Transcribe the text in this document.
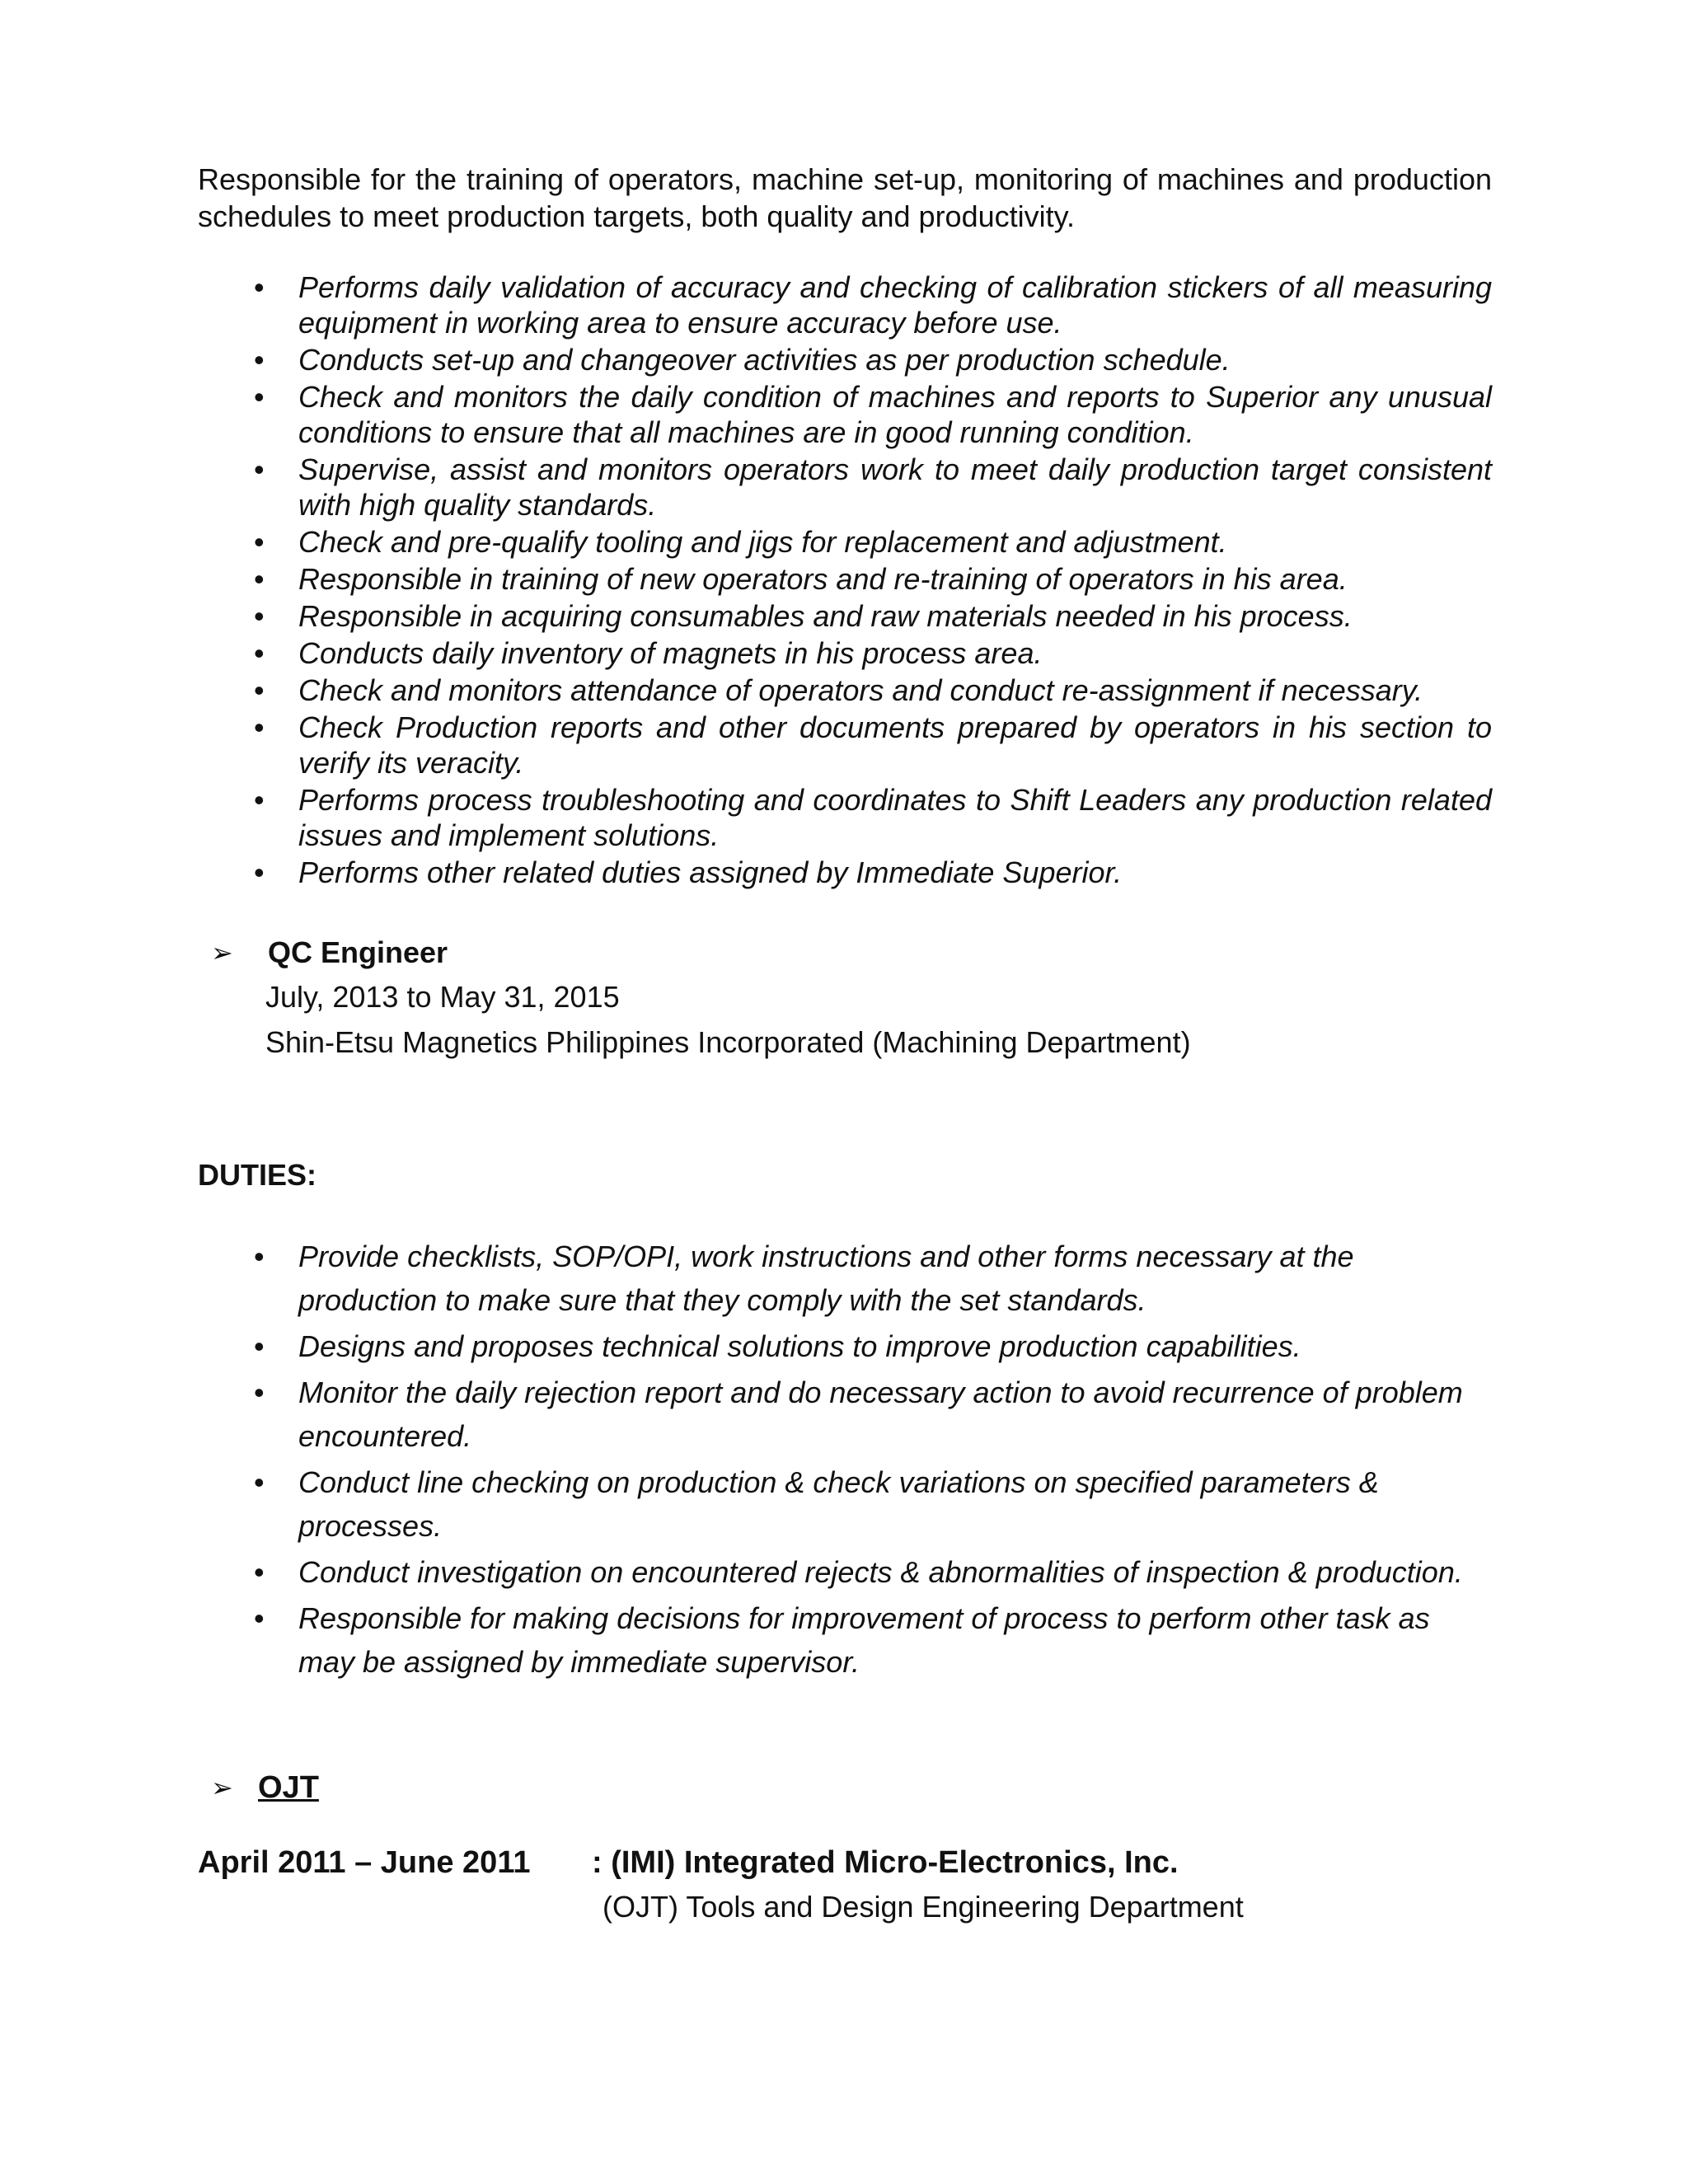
Responsible for the training of operators, machine set-up, monitoring of machines and production schedules to meet production targets, both quality and productivity.

• Performs daily validation of accuracy and checking of calibration stickers of all measuring equipment in working area to ensure accuracy before use.
• Conducts set-up and changeover activities as per production schedule.
• Check and monitors the daily condition of machines and reports to Superior any unusual conditions to ensure that all machines are in good running condition.
• Supervise, assist and monitors operators work to meet daily production target consistent with high quality standards.
• Check and pre-qualify tooling and jigs for replacement and adjustment.
• Responsible in training of new operators and re-training of operators in his area.
• Responsible in acquiring consumables and raw materials needed in his process.
• Conducts daily inventory of magnets in his process area.
• Check and monitors attendance of operators and conduct re-assignment if necessary.
• Check Production reports and other documents prepared by operators in his section to verify its veracity.
• Performs process troubleshooting and coordinates to Shift Leaders any production related issues and implement solutions.
• Performs other related duties assigned by Immediate Superior.
➢ QC Engineer
July, 2013 to May 31, 2015
Shin-Etsu Magnetics Philippines Incorporated (Machining Department)
DUTIES:
• Provide checklists, SOP/OPI, work instructions and other forms necessary at the production to make sure that they comply with the set standards.
• Designs and proposes technical solutions to improve production capabilities.
• Monitor the daily rejection report and do necessary action to avoid recurrence of problem encountered.
• Conduct line checking on production & check variations on specified parameters & processes.
• Conduct investigation on encountered rejects & abnormalities of inspection & production.
• Responsible for making decisions for improvement of process to perform other task as may be assigned by immediate supervisor.
➢ OJT
April 2011 – June 2011	: (IMI) Integrated Micro-Electronics, Inc.
(OJT) Tools and Design Engineering Department
